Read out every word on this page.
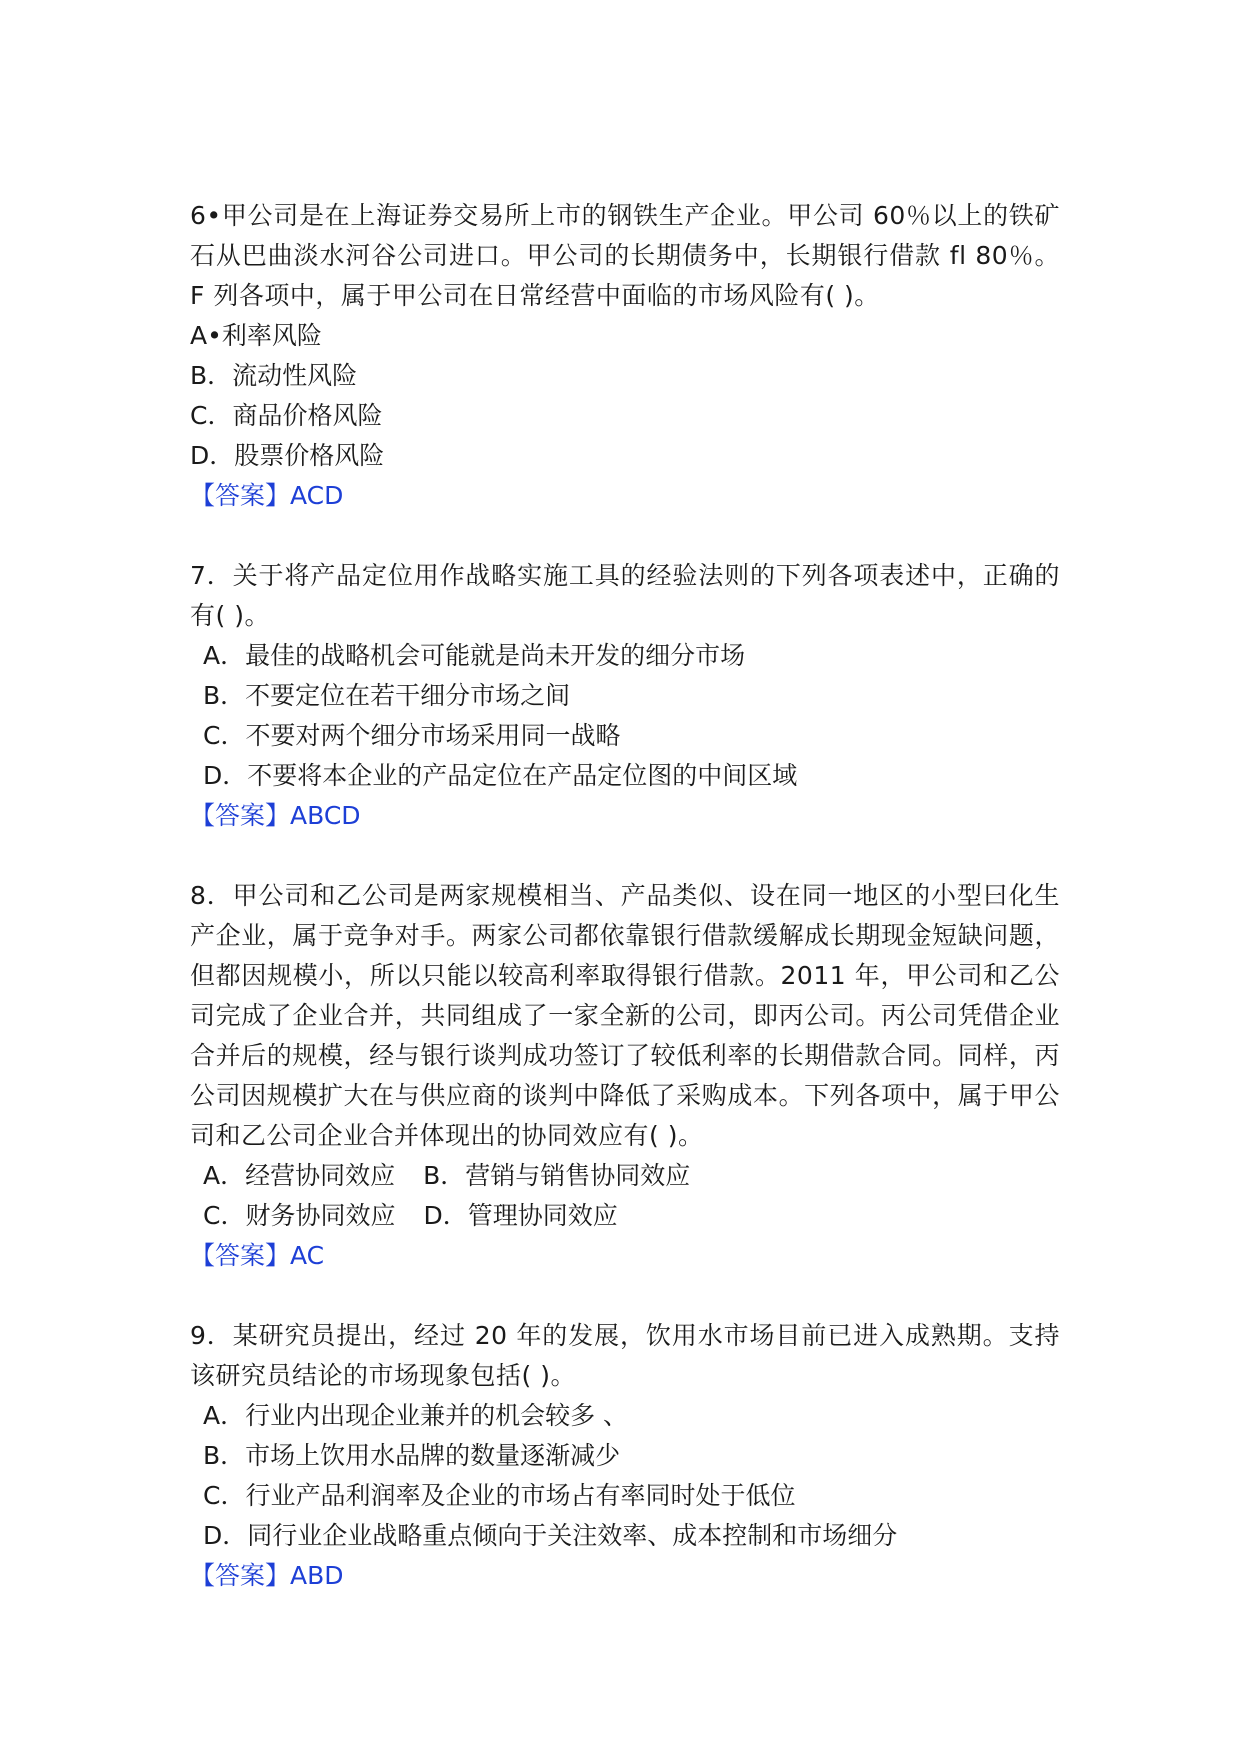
6•甲公司是在上海证券交易所上市的钢铁生产企业。甲公司 60％以上的铁矿石从巴曲淡水河谷公司进口。甲公司的长期债务中，长期银行借款 fl 80％。F 列各项中，属于甲公司在日常经营中面临的市场风险有( )。

A•利率风险
B．流动性风险
C．商品价格风险
D．股票价格风险

【答案】ACD

7．关于将产品定位用作战略实施工具的经验法则的下列各项表述中，正确的有( )。

A．最佳的战略机会可能就是尚未开发的细分市场
B．不要定位在若干细分市场之间
C．不要对两个细分市场采用同一战略
D．不要将本企业的产品定位在产品定位图的中间区域

【答案】ABCD

8．甲公司和乙公司是两家规模相当、产品类似、设在同一地区的小型曰化生产企业，属于竞争对手。两家公司都依靠银行借款缓解成长期现金短缺问题，但都因规模小，所以只能以较高利率取得银行借款。2011 年，甲公司和乙公司完成了企业合并，共同组成了一家全新的公司，即丙公司。丙公司凭借企业合并后的规模，经与银行谈判成功签订了较低利率的长期借款合同。同样，丙公司因规模扩大在与供应商的谈判中降低了采购成本。下列各项中，属于甲公司和乙公司企业合并体现出的协同效应有( )。

A．经营协同效应 B．营销与销售协同效应
C．财务协同效应 D．管理协同效应

【答案】AC

9．某研究员提出，经过 20 年的发展，饮用水市场目前已进入成熟期。支持该研究员结论的市场现象包括( )。

A．行业内出现企业兼并的机会较多 、
B．市场上饮用水品牌的数量逐渐减少
C．行业产品利润率及企业的市场占有率同时处于低位
D．同行业企业战略重点倾向于关注效率、成本控制和市场细分

【答案】ABD
